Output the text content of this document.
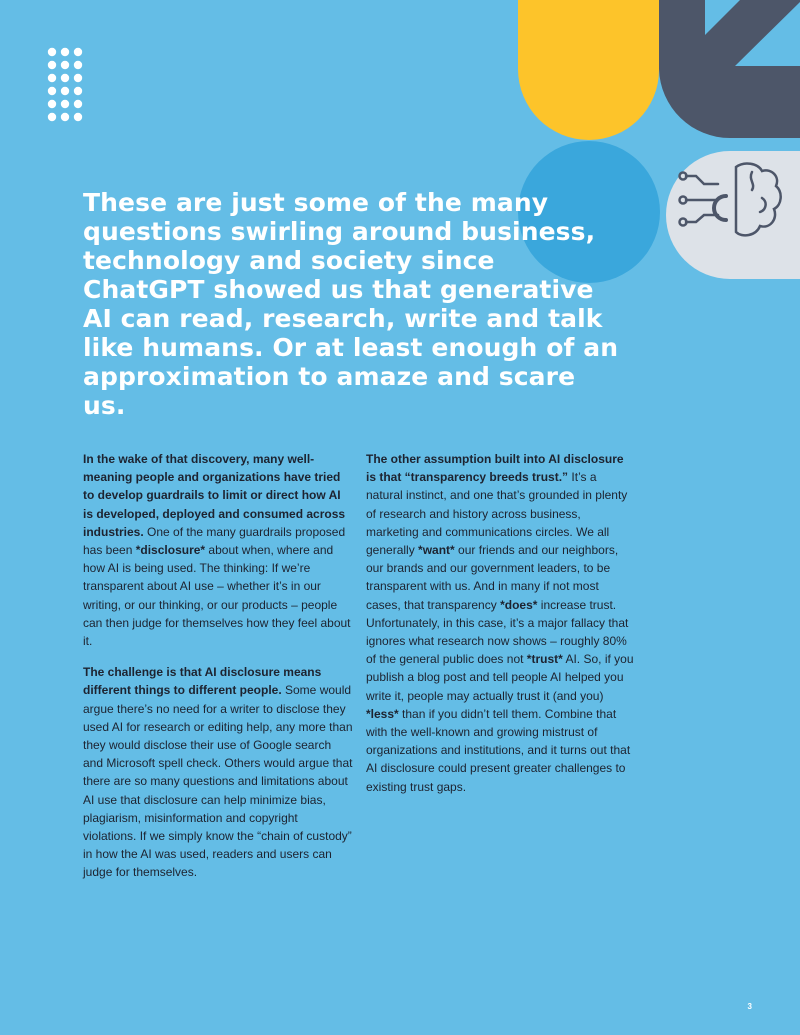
These are just some of the many questions swirling around business, technology and society since ChatGPT showed us that generative AI can read, research, write and talk like humans. Or at least enough of an approximation to amaze and scare us.

In the wake of that discovery, many well-meaning people and organizations have tried to develop guardrails to limit or direct how AI is developed, deployed and consumed across industries. One of the many guardrails proposed has been *disclosure* about when, where and how AI is being used. The thinking: If we’re transparent about AI use – whether it’s in our writing, or our thinking, or our products – people can then judge for themselves how they feel about it.

The challenge is that AI disclosure means different things to different people. Some would argue there’s no need for a writer to disclose they used AI for research or editing help, any more than they would disclose their use of Google search and Microsoft spell check. Others would argue that there are so many questions and limitations about AI use that disclosure can help minimize bias, plagiarism, misinformation and copyright violations. If we simply know the “chain of custody” in how the AI was used, readers and users can judge for themselves.

The other assumption built into AI disclosure is that “transparency breeds trust.” It’s a natural instinct, and one that’s grounded in plenty of research and history across business, marketing and communications circles. We all generally *want* our friends and our neighbors, our brands and our government leaders, to be transparent with us. And in many if not most cases, that transparency *does* increase trust. Unfortunately, in this case, it’s a major fallacy that ignores what research now shows – roughly 80% of the general public does not *trust* AI. So, if you publish a blog post and tell people AI helped you write it, people may actually trust it (and you) *less* than if you didn’t tell them. Combine that with the well-known and growing mistrust of organizations and institutions, and it turns out that AI disclosure could present greater challenges to existing trust gaps.

3
